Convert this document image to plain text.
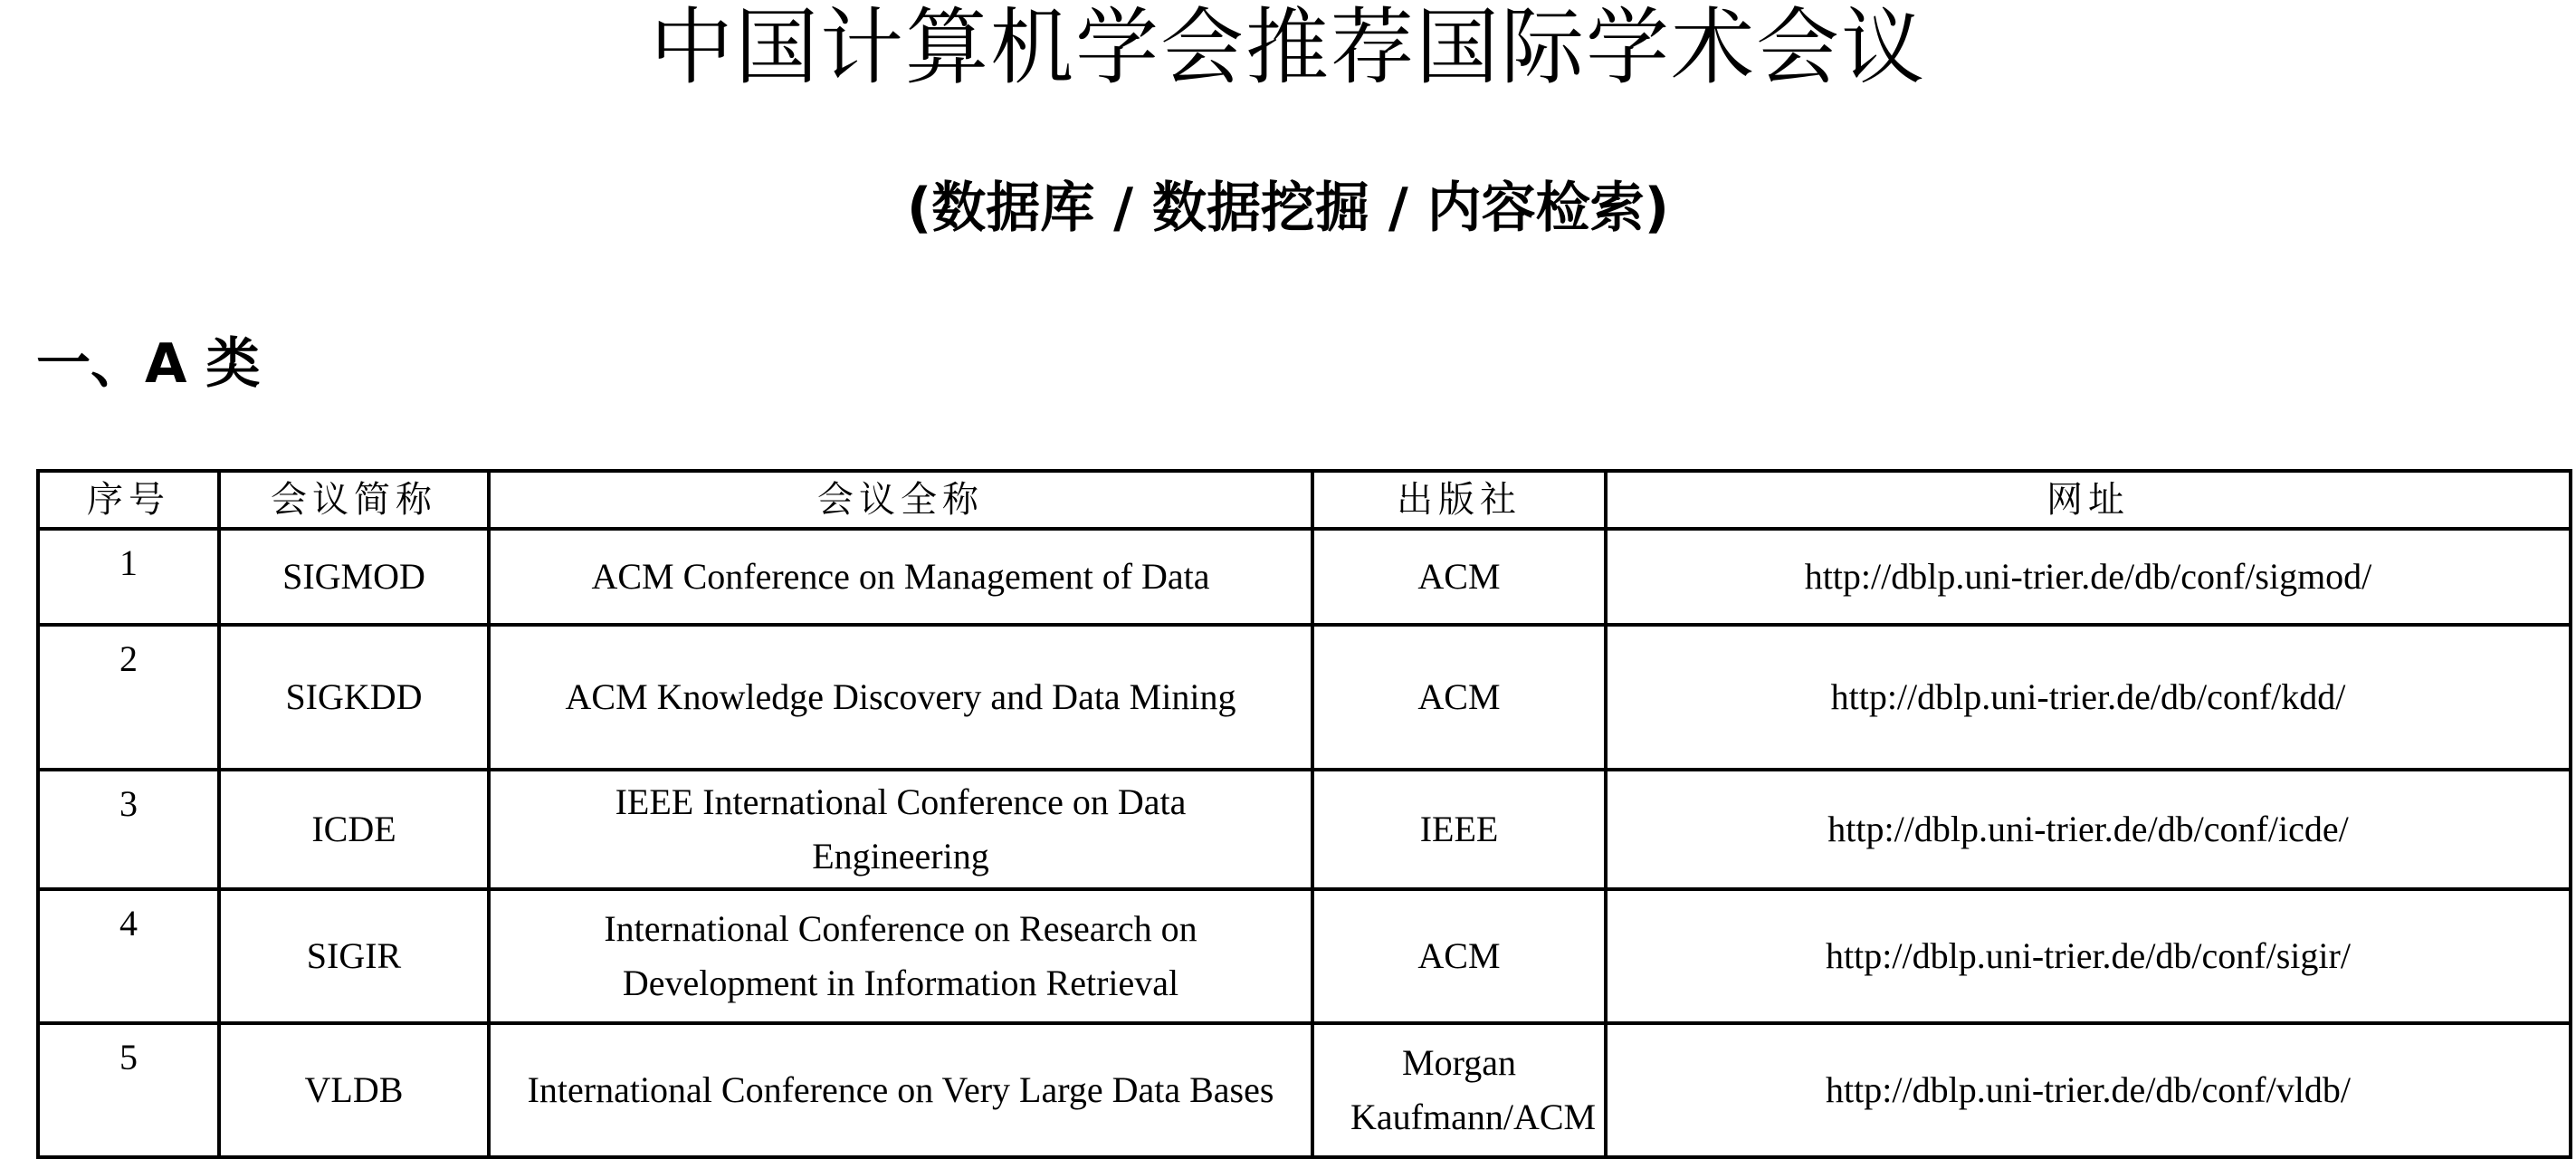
中国计算机学会推荐国际学术会议
(数据库 / 数据挖掘 / 内容检索)
一、A 类
序号	会议简称	会议全称	出版社	网址
1	SIGMOD	ACM Conference on Management of Data	ACM	http://dblp.uni-trier.de/db/conf/sigmod/
2	SIGKDD	ACM Knowledge Discovery and Data Mining	ACM	http://dblp.uni-trier.de/db/conf/kdd/
3	ICDE	IEEE International Conference on Data Engineering	IEEE	http://dblp.uni-trier.de/db/conf/icde/
4	SIGIR	International Conference on Research on Development in Information Retrieval	ACM	http://dblp.uni-trier.de/db/conf/sigir/
5	VLDB	International Conference on Very Large Data Bases	Morgan Kaufmann/ACM	http://dblp.uni-trier.de/db/conf/vldb/
